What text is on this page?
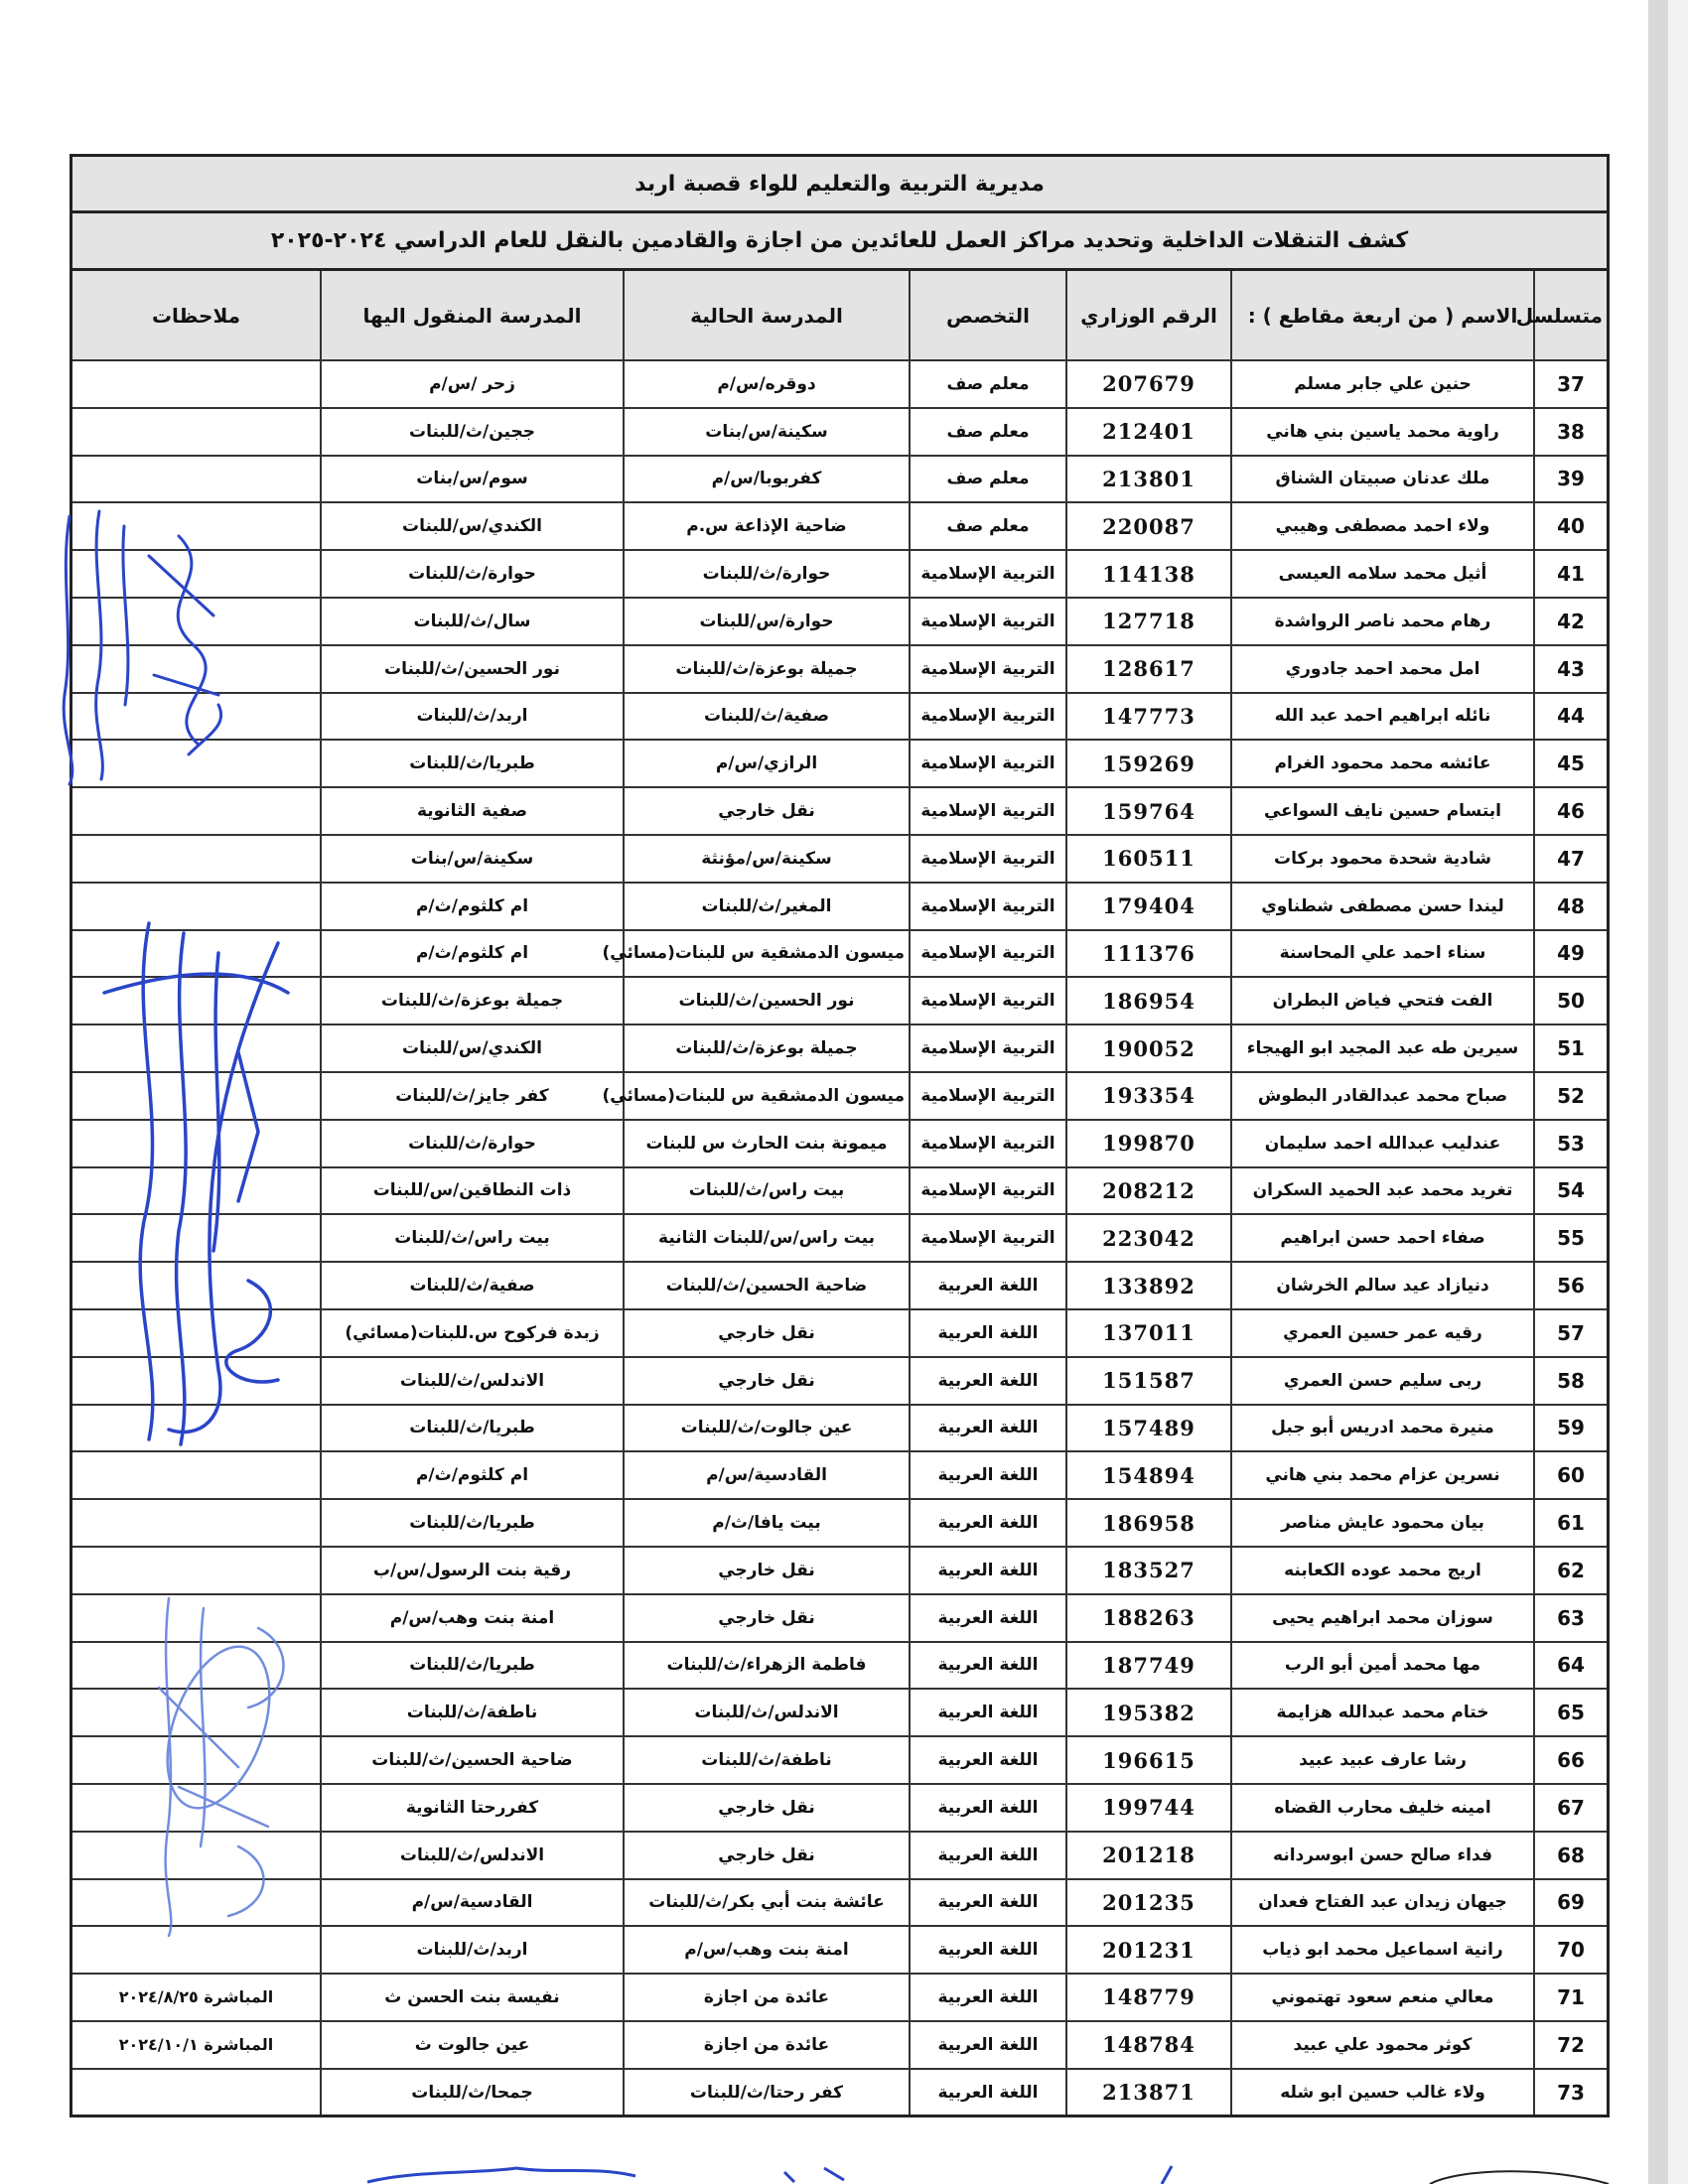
مديرية التربية والتعليم للواء قصبة اربد
كشف التنقلات الداخلية وتحديد مراكز العمل للعائدين من اجازة والقادمين بالنقل للعام الدراسي ٢٠٢٤-٢٠٢٥
متسلسل	الاسم ( من اربعة مقاطع ) :	الرقم الوزاري	التخصص	المدرسة الحالية	المدرسة المنقول اليها	ملاحظات
37	حنين علي جابر مسلم	207679	معلم صف	دوقره/س/م	زحر /س/م	
38	راوية محمد ياسين بني هاني	212401	معلم صف	سكينة/س/بنات	ججين/ث/للبنات	
39	ملك عدنان صبيتان الشناق	213801	معلم صف	كفربوبا/س/م	سوم/س/بنات	
40	ولاء احمد مصطفى وهيبي	220087	معلم صف	ضاحية الإذاعة س.م	الكندي/س/للبنات	
41	أثيل محمد سلامه العيسى	114138	التربية الإسلامية	حوارة/ث/للبنات	حوارة/ث/للبنات	
42	رهام محمد ناصر الرواشدة	127718	التربية الإسلامية	حوارة/س/للبنات	سال/ث/للبنات	
43	امل محمد احمد جادوري	128617	التربية الإسلامية	جميلة بوعزة/ث/للبنات	نور الحسين/ث/للبنات	
44	نائله ابراهيم احمد عبد الله	147773	التربية الإسلامية	صفية/ث/للبنات	اربد/ث/للبنات	
45	عائشه محمد محمود الغرام	159269	التربية الإسلامية	الرازي/س/م	طبريا/ث/للبنات	
46	ابتسام حسين نايف السواعي	159764	التربية الإسلامية	نقل خارجي	صفية الثانوية	
47	شادية شحدة محمود بركات	160511	التربية الإسلامية	سكينة/س/مؤنثة	سكينة/س/بنات	
48	ليندا حسن مصطفى شطناوي	179404	التربية الإسلامية	المغير/ث/للبنات	ام كلثوم/ث/م	
49	سناء احمد علي المحاسنة	111376	التربية الإسلامية	ميسون الدمشقية س للبنات(مسائي)	ام كلثوم/ث/م	
50	الفت فتحي فياض البطران	186954	التربية الإسلامية	نور الحسين/ث/للبنات	جميلة بوعزة/ث/للبنات	
51	سيرين طه عبد المجيد ابو الهيجاء	190052	التربية الإسلامية	جميلة بوعزة/ث/للبنات	الكندي/س/للبنات	
52	صباح محمد عبدالقادر البطوش	193354	التربية الإسلامية	ميسون الدمشقية س للبنات(مسائي)	كفر جايز/ث/للبنات	
53	عندليب عبدالله احمد سليمان	199870	التربية الإسلامية	ميمونة بنت الحارث س للبنات	حوارة/ث/للبنات	
54	تغريد محمد عبد الحميد السكران	208212	التربية الإسلامية	بيت راس/ث/للبنات	ذات النطاقين/س/للبنات	
55	صفاء احمد حسن ابراهيم	223042	التربية الإسلامية	بيت راس/س/للبنات الثانية	بيت راس/ث/للبنات	
56	دنيازاد عيد سالم الخرشان	133892	اللغة العربية	ضاحية الحسين/ث/للبنات	صفية/ث/للبنات	
57	رقيه عمر حسين العمري	137011	اللغة العربية	نقل خارجي	زبدة فركوح س.للبنات(مسائي)	
58	ربى سليم حسن العمري	151587	اللغة العربية	نقل خارجي	الاندلس/ث/للبنات	
59	منيرة محمد ادريس أبو جبل	157489	اللغة العربية	عين جالوت/ث/للبنات	طبريا/ث/للبنات	
60	نسرين عزام محمد بني هاني	154894	اللغة العربية	القادسية/س/م	ام كلثوم/ث/م	
61	بيان محمود عايش مناصر	186958	اللغة العربية	بيت يافا/ث/م	طبريا/ث/للبنات	
62	اريج محمد عوده الكعابنه	183527	اللغة العربية	نقل خارجي	رقية بنت الرسول/س/ب	
63	سوزان محمد ابراهيم يحيى	188263	اللغة العربية	نقل خارجي	امنة بنت وهب/س/م	
64	مها محمد أمين أبو الرب	187749	اللغة العربية	فاطمة الزهراء/ث/للبنات	طبريا/ث/للبنات	
65	ختام محمد عبدالله هزايمة	195382	اللغة العربية	الاندلس/ث/للبنات	ناطفة/ث/للبنات	
66	رشا عارف عبيد عبيد	196615	اللغة العربية	ناطفة/ث/للبنات	ضاحية الحسين/ث/للبنات	
67	امينه خليف محارب القضاه	199744	اللغة العربية	نقل خارجي	كفررحتا الثانوية	
68	فداء صالح حسن ابوسردانه	201218	اللغة العربية	نقل خارجي	الاندلس/ث/للبنات	
69	جيهان زيدان عبد الفتاح فعدان	201235	اللغة العربية	عائشة بنت أبي بكر/ث/للبنات	القادسية/س/م	
70	رانية اسماعيل محمد ابو ذياب	201231	اللغة العربية	امنة بنت وهب/س/م	اربد/ث/للبنات	
71	معالي منعم سعود تهتموني	148779	اللغة العربية	عائدة من اجازة	نفيسة بنت الحسن ث	المباشرة ٢٠٢٤/٨/٢٥
72	كوثر محمود علي عبيد	148784	اللغة العربية	عائدة من اجازة	عين جالوت ث	المباشرة ٢٠٢٤/١٠/١
73	ولاء غالب حسين ابو شله	213871	اللغة العربية	كفر رحتا/ث/للبنات	جمحا/ث/للبنات	
